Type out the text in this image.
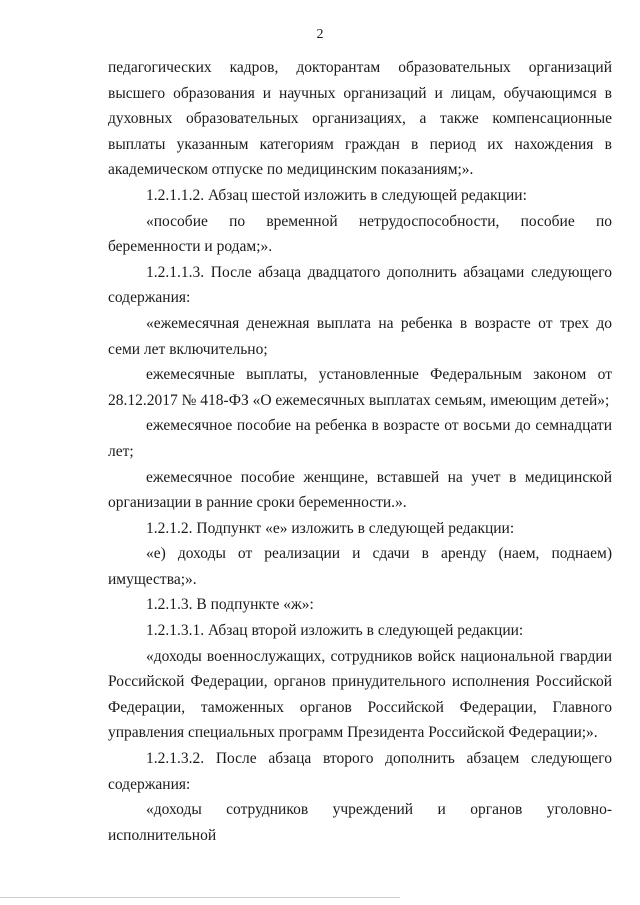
2

педагогических кадров, докторантам образовательных организаций высшего образования и научных организаций и лицам, обучающимся в духовных образовательных организациях, а также компенсационные выплаты указанным категориям граждан в период их нахождения в академическом отпуске по медицинским показаниям;».

1.2.1.1.2. Абзац шестой изложить в следующей редакции:

«пособие по временной нетрудоспособности, пособие по беременности и родам;».

1.2.1.1.3. После абзаца двадцатого дополнить абзацами следующего содержания:

«ежемесячная денежная выплата на ребенка в возрасте от трех до семи лет включительно;

ежемесячные выплаты, установленные Федеральным законом от 28.12.2017 № 418-ФЗ «О ежемесячных выплатах семьям, имеющим детей»;

ежемесячное пособие на ребенка в возрасте от восьми до семнадцати лет;

ежемесячное пособие женщине, вставшей на учет в медицинской организации в ранние сроки беременности.».

1.2.1.2. Подпункт «е» изложить в следующей редакции:

«е) доходы от реализации и сдачи в аренду (наем, поднаем) имущества;».

1.2.1.3. В подпункте «ж»:

1.2.1.3.1. Абзац второй изложить в следующей редакции:

«доходы военнослужащих, сотрудников войск национальной гвардии Российской Федерации, органов принудительного исполнения Российской Федерации, таможенных органов Российской Федерации, Главного управления специальных программ Президента Российской Федерации;».

1.2.1.3.2. После абзаца второго дополнить абзацем следующего содержания:

«доходы сотрудников учреждений и органов уголовно-исполнительной
